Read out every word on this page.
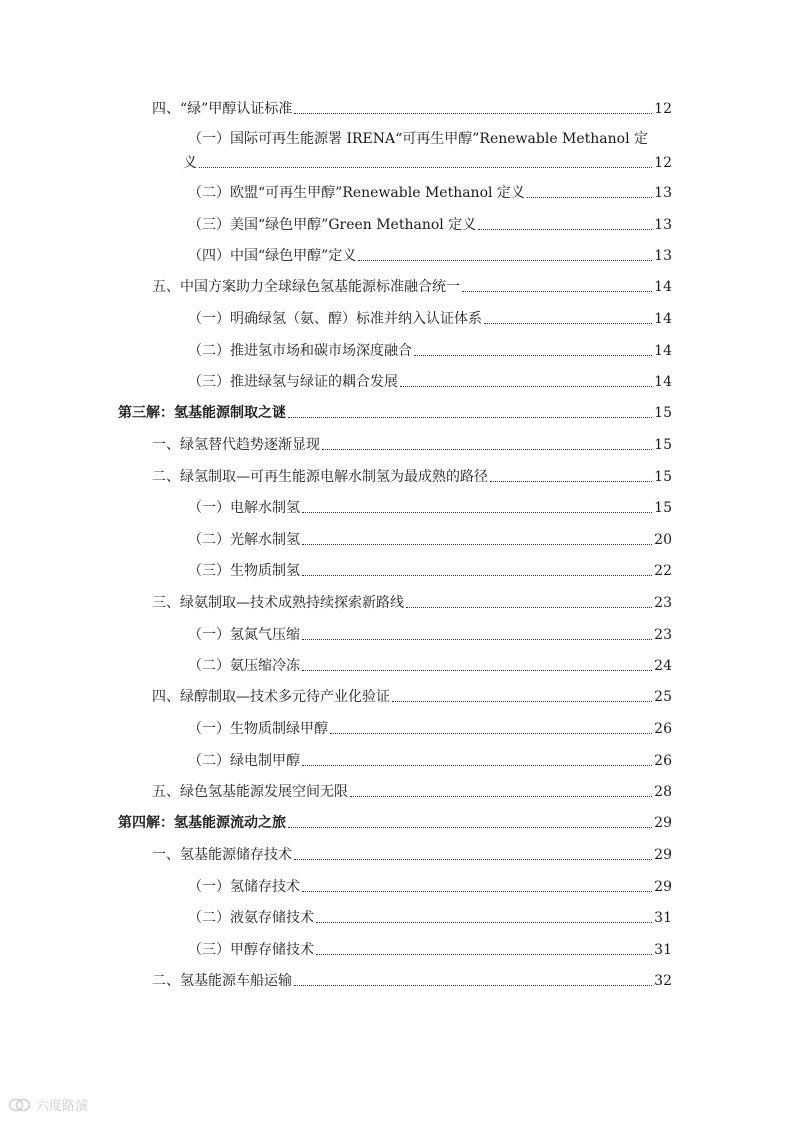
四、“绿”甲醇认证标准	12
（一）国际可再生能源署 IRENA“可再生甲醇”Renewable Methanol 定
义	12
（二）欧盟“可再生甲醇”Renewable Methanol 定义	13
（三）美国“绿色甲醇”Green Methanol 定义	13
（四）中国“绿色甲醇”定义	13
五、中国方案助力全球绿色氢基能源标准融合统一	14
（一）明确绿氢（氨、醇）标准并纳入认证体系	14
（二）推进氢市场和碳市场深度融合	14
（三）推进绿氢与绿证的耦合发展	14
第三解：氢基能源制取之谜	15
一、绿氢替代趋势逐渐显现	15
二、绿氢制取—可再生能源电解水制氢为最成熟的路径	15
（一）电解水制氢	15
（二）光解水制氢	20
（三）生物质制氢	22
三、绿氨制取—技术成熟持续探索新路线	23
（一）氢氮气压缩	23
（二）氨压缩冷冻	24
四、绿醇制取—技术多元待产业化验证	25
（一）生物质制绿甲醇	26
（二）绿电制甲醇	26
五、绿色氢基能源发展空间无限	28
第四解：氢基能源流动之旅	29
一、氢基能源储存技术	29
（一）氢储存技术	29
（二）液氨存储技术	31
（三）甲醇存储技术	31
二、氢基能源车船运输	32
六度路演
